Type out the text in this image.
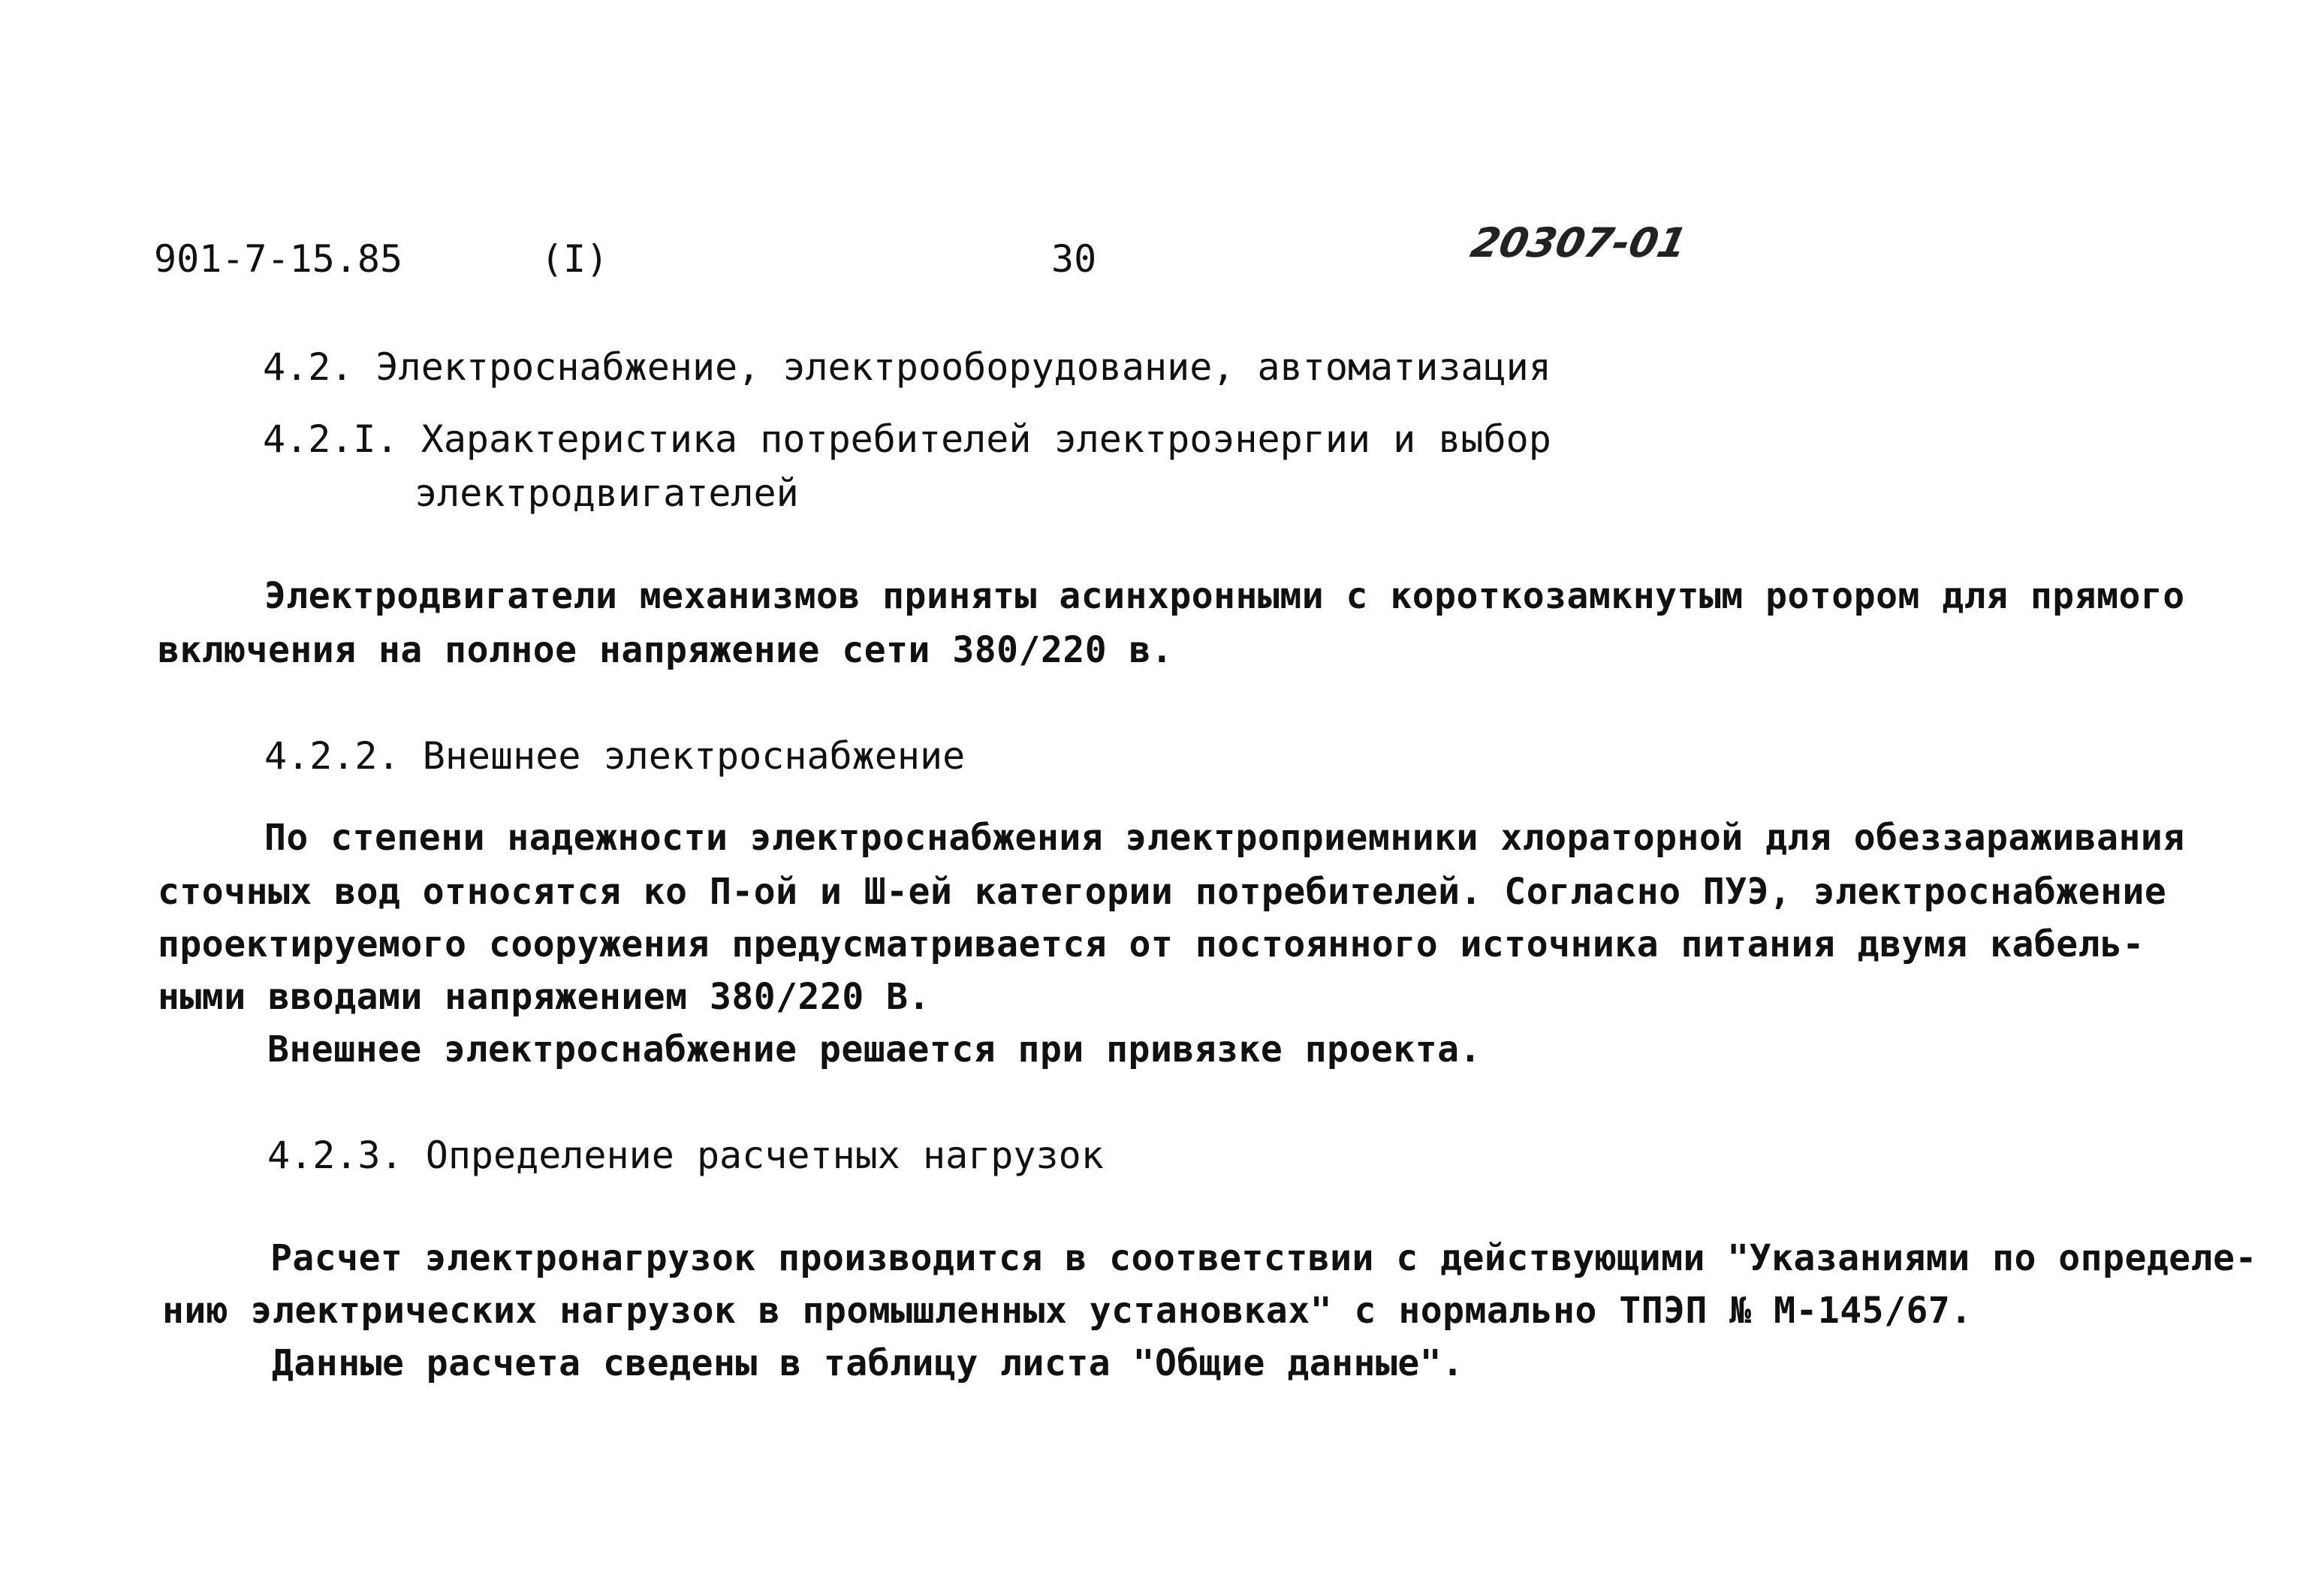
901-7-15.85	(I)	30	20307-01
4.2. Электроснабжение, электрооборудование, автоматизация
4.2.I. Характеристика потребителей электроэнергии и выбор
электродвигателей
Электродвигатели механизмов приняты асинхронными с короткозамкнутым ротором для прямого
включения на полное напряжение сети 380/220 в.
4.2.2. Внешнее электроснабжение
По степени надежности электроснабжения электроприемники хлораторной для обеззараживания
сточных вод относятся ко П-ой и Ш-ей категории потребителей. Согласно ПУЭ, электроснабжение
проектируемого сооружения предусматривается от постоянного источника питания двумя кабель-
ными вводами напряжением 380/220 В.
Внешнее электроснабжение решается при привязке проекта.
4.2.3. Определение расчетных нагрузок
Расчет электронагрузок производится в соответствии с действующими "Указаниями по определе-
нию электрических нагрузок в промышленных установках" с нормально ТПЭП № М-145/67.
Данные расчета сведены в таблицу листа "Общие данные".
